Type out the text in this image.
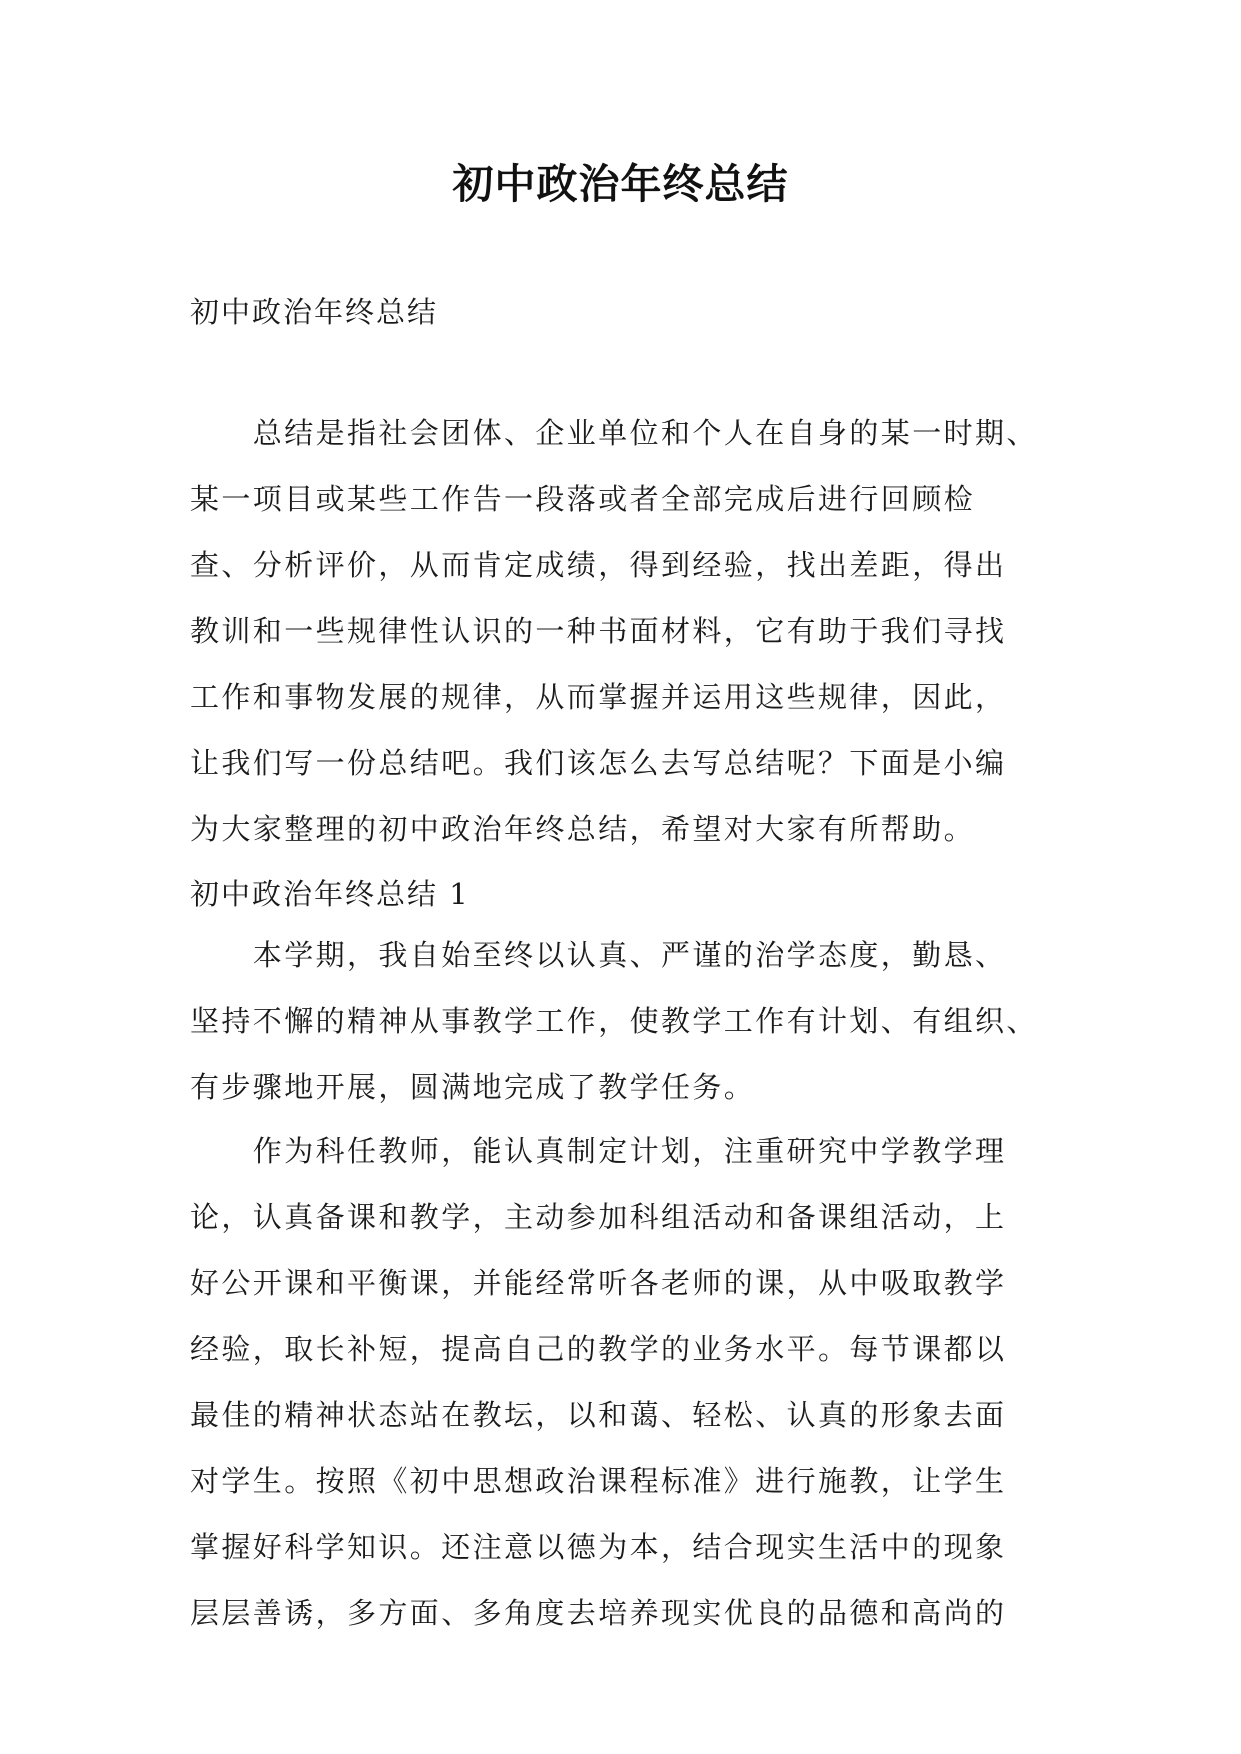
初中政治年终总结
初中政治年终总结
　　总结是指社会团体、企业单位和个人在自身的某一时期、
某一项目或某些工作告一段落或者全部完成后进行回顾检
查、分析评价，从而肯定成绩，得到经验，找出差距，得出
教训和一些规律性认识的一种书面材料，它有助于我们寻找
工作和事物发展的规律，从而掌握并运用这些规律，因此，
让我们写一份总结吧。我们该怎么去写总结呢？下面是小编
为大家整理的初中政治年终总结，希望对大家有所帮助。
初中政治年终总结 1
　　本学期，我自始至终以认真、严谨的治学态度，勤恳、
坚持不懈的精神从事教学工作，使教学工作有计划、有组织、
有步骤地开展，圆满地完成了教学任务。
　　作为科任教师，能认真制定计划，注重研究中学教学理
论，认真备课和教学，主动参加科组活动和备课组活动，上
好公开课和平衡课，并能经常听各老师的课，从中吸取教学
经验，取长补短，提高自己的教学的业务水平。每节课都以
最佳的精神状态站在教坛，以和蔼、轻松、认真的形象去面
对学生。按照《初中思想政治课程标准》进行施教，让学生
掌握好科学知识。还注意以德为本，结合现实生活中的现象
层层善诱，多方面、多角度去培养现实优良的品德和高尚的
